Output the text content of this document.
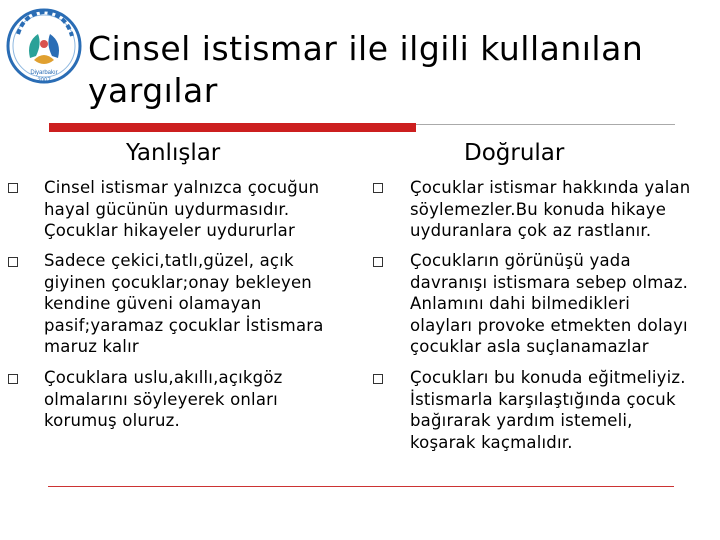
Diyarbakır
2007
Cinsel istismar ile ilgili kullanılan
yargılar
Yanlışlar	Doğrular
Cinsel istismar yalnızca çocuğun
hayal gücünün uydurmasıdır.
Çocuklar hikayeler uydururlar
Sadece çekici,tatlı,güzel, açık
giyinen çocuklar;onay bekleyen
kendine güveni olamayan
pasif;yaramaz çocuklar İstismara
maruz kalır
Çocuklara uslu,akıllı,açıkgöz
olmalarını söyleyerek onları
korumuş oluruz.
Çocuklar istismar hakkında yalan
söylemezler.Bu konuda hikaye
uyduranlara çok az rastlanır.
Çocukların görünüşü yada
davranışı istismara sebep olmaz.
Anlamını dahi bilmedikleri
olayları provoke etmekten dolayı
çocuklar asla suçlanamazlar
Çocukları bu konuda eğitmeliyiz.
İstismarla karşılaştığında çocuk
bağırarak yardım istemeli,
koşarak kaçmalıdır.
